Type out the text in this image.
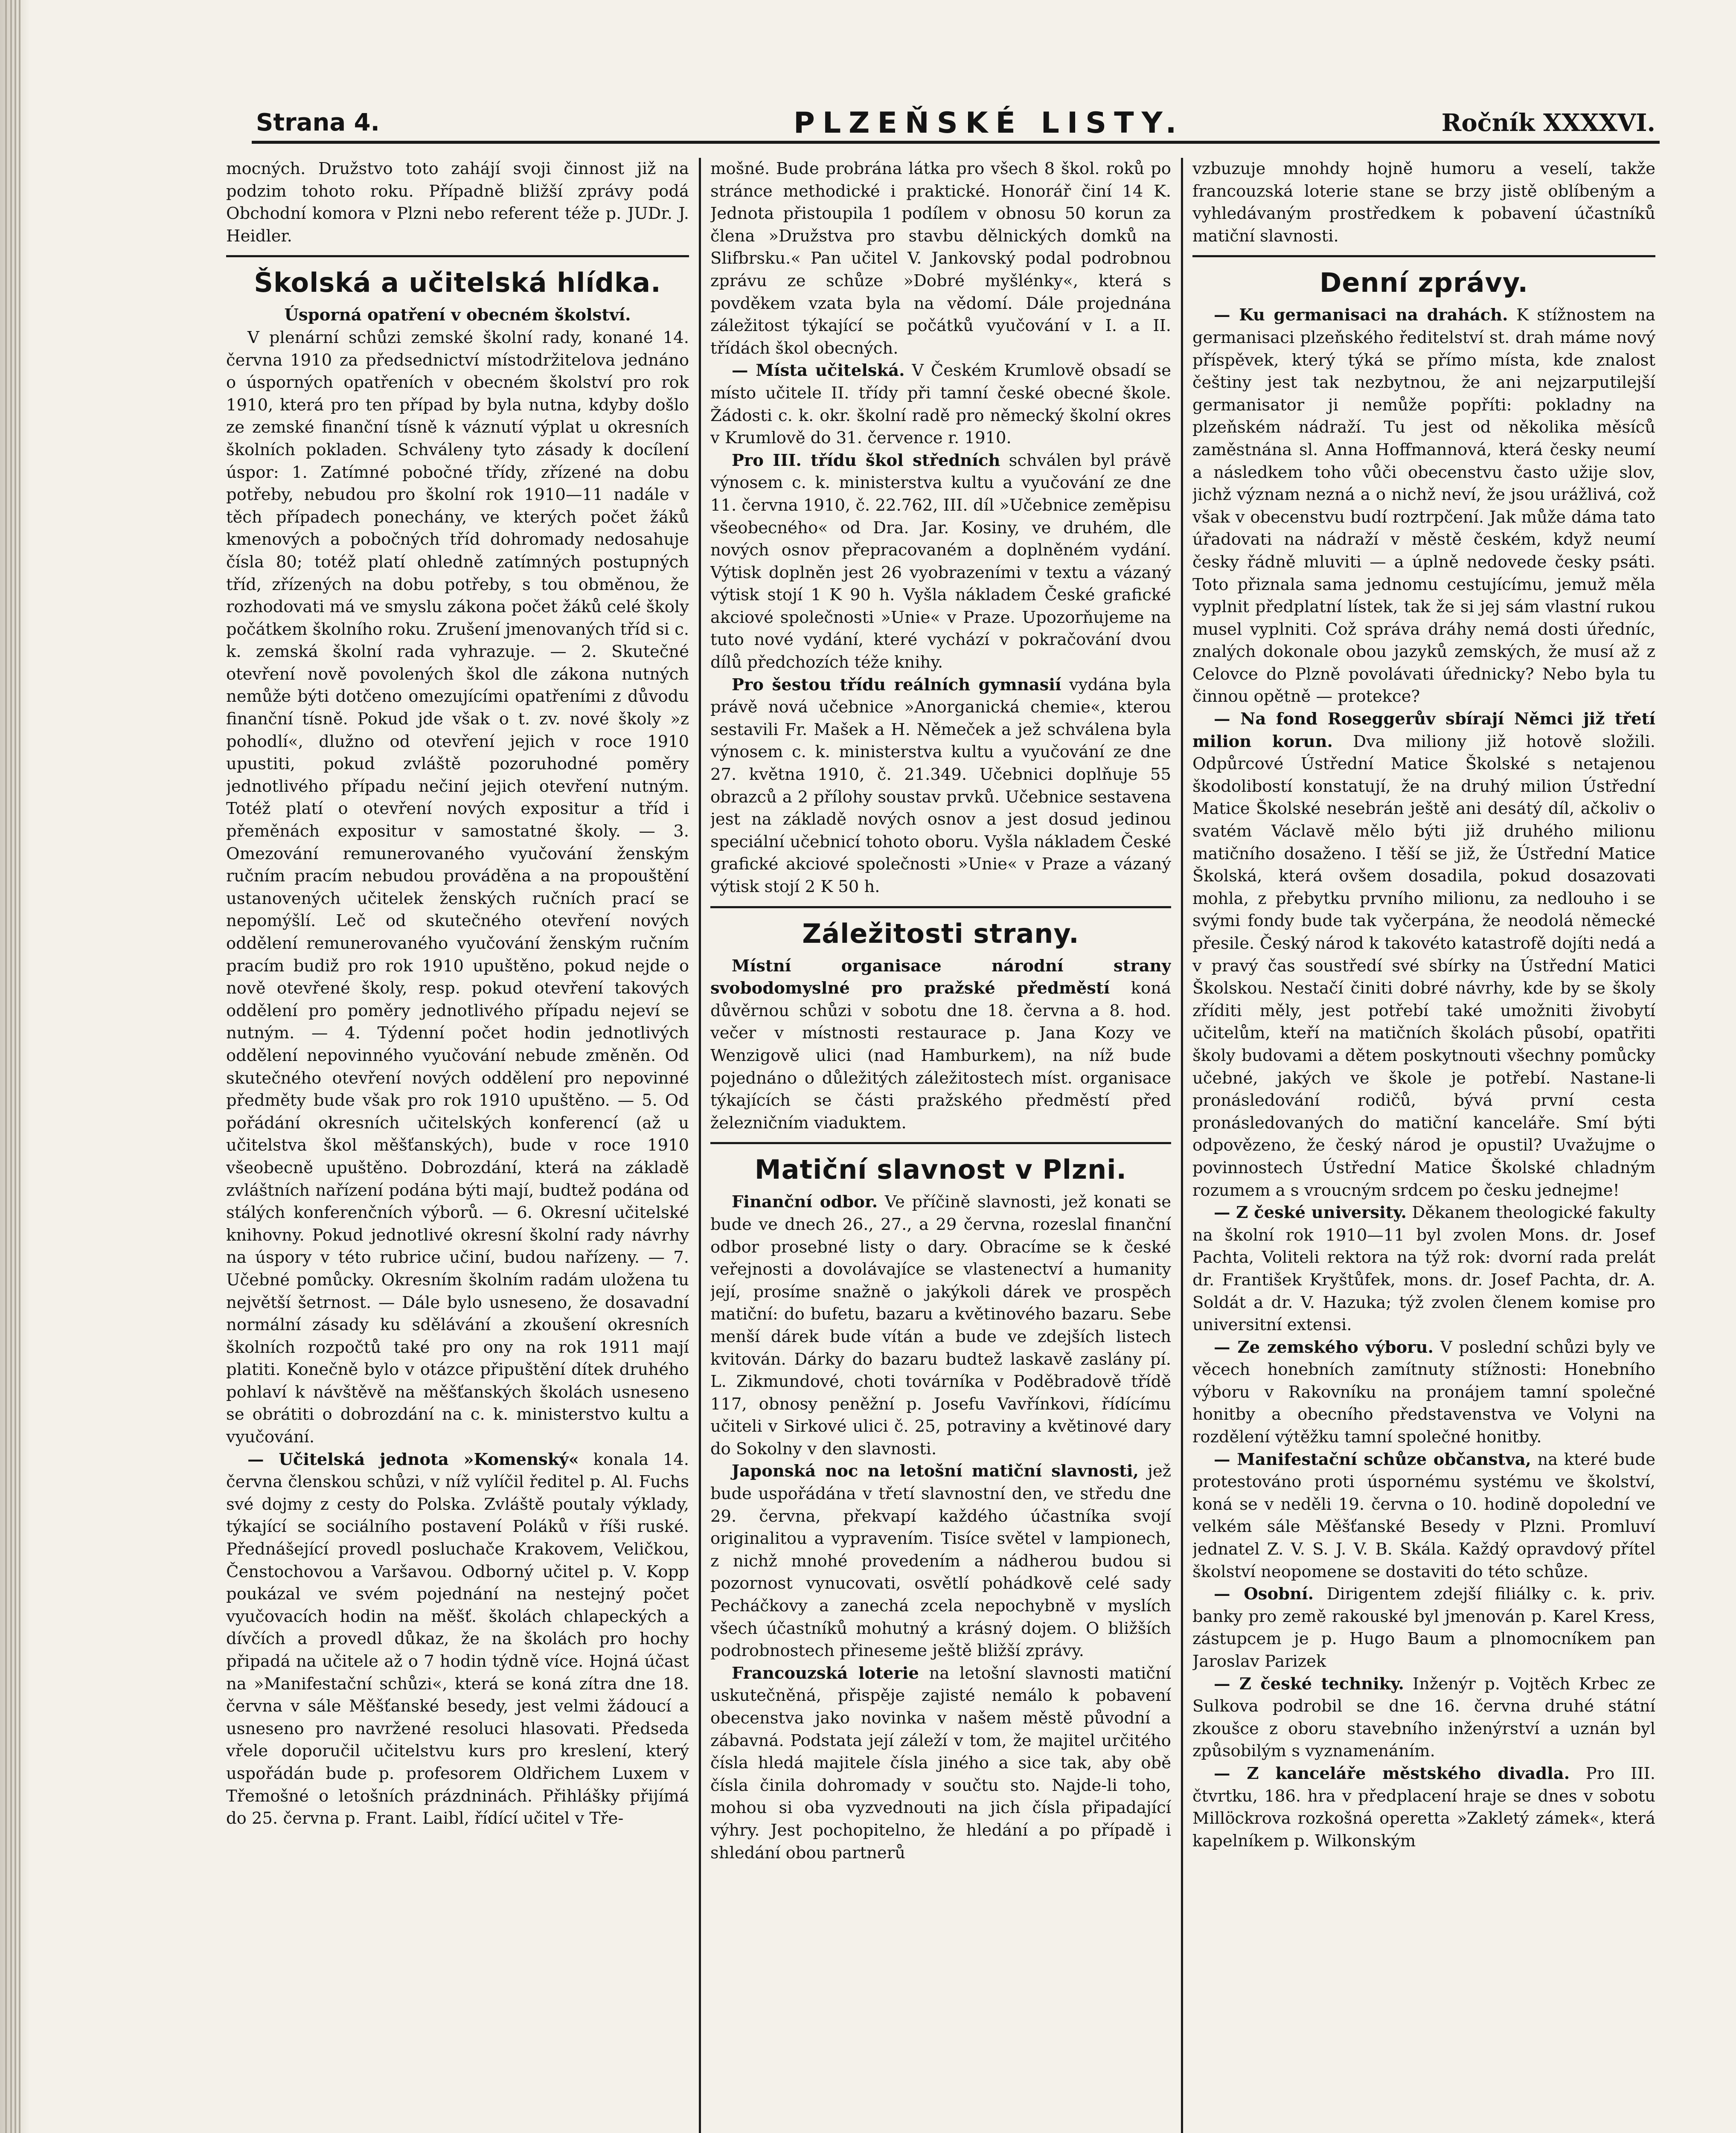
Strana 4.	PLZEŇSKÉ LISTY.	Ročník XXXXVI.

mocných. Družstvo toto zahájí svoji činnost již na podzim tohoto roku. Případně bližší zprávy podá Obchodní komora v Plzni nebo referent téže p. JUDr. J. Heidler.

Školská a učitelská hlídka.

Úsporná opatření v obecném školství.

V plenární schůzi zemské školní rady, konané 14. června 1910 za předsednictví místodržitelova jednáno o úsporných opatřeních v obecném školství pro rok 1910, která pro ten případ by byla nutna, kdyby došlo ze zemské finanční tísně k váznutí výplat u okresních školních pokladen. Schváleny tyto zásady k docílení úspor: 1. Zatímné pobočné třídy, zřízené na dobu potřeby, nebudou pro školní rok 1910—11 nadále v těch případech ponechány, ve kterých počet žáků kmenových a pobočných tříd dohromady nedosahuje čísla 80; totéž platí ohledně zatímných postupných tříd, zřízených na dobu potřeby, s tou obměnou, že rozhodovati má ve smyslu zákona počet žáků celé školy počátkem školního roku. Zrušení jmenovaných tříd si c. k. zemská školní rada vyhrazuje. — 2. Skutečné otevření nově povolených škol dle zákona nutných nemůže býti dotčeno omezujícími opatřeními z důvodu finanční tísně. Pokud jde však o t. zv. nové školy »z pohodlí«, dlužno od otevření jejich v roce 1910 upustiti, pokud zvláště pozoruhodné poměry jednotlivého případu nečiní jejich otevření nutným. Totéž platí o otevření nových expositur a tříd i přeměnách expositur v samostatné školy. — 3. Omezování remunerovaného vyučování ženským ručním pracím nebudou prováděna a na propouštění ustanovených učitelek ženských ručních prací se nepomýšlí. Leč od skutečného otevření nových oddělení remunerovaného vyučování ženským ručním pracím budiž pro rok 1910 upuštěno, pokud nejde o nově otevřené školy, resp. pokud otevření takových oddělení pro poměry jednotlivého případu nejeví se nutným. — 4. Týdenní počet hodin jednotlivých oddělení nepovinného vyučování nebude změněn. Od skutečného otevření nových oddělení pro nepovinné předměty bude však pro rok 1910 upuštěno. — 5. Od pořádání okresních učitelských konferencí (až u učitelstva škol měšťanských), bude v roce 1910 všeobecně upuštěno. Dobrozdání, která na základě zvláštních nařízení podána býti mají, budtež podána od stálých konferenčních výborů. — 6. Okresní učitelské knihovny. Pokud jednotlivé okresní školní rady návrhy na úspory v této rubrice učiní, budou nařízeny. — 7. Učebné pomůcky. Okresním školním radám uložena tu největší šetrnost. — Dále bylo usneseno, že dosavadní normální zásady ku sdělávání a zkoušení okresních školních rozpočtů také pro ony na rok 1911 mají platiti. Konečně bylo v otázce připuštění dítek druhého pohlaví k návštěvě na měšťanských školách usneseno se obrátiti o dobrozdání na c. k. ministerstvo kultu a vyučování.

— Učitelská jednota »Komenský« konala 14. června členskou schůzi, v níž vylíčil ředitel p. Al. Fuchs své dojmy z cesty do Polska. Zvláště poutaly výklady, týkající se sociálního postavení Poláků v říši ruské. Přednášející provedl posluchače Krakovem, Veličkou, Čenstochovou a Varšavou. Odborný učitel p. V. Kopp poukázal ve svém pojednání na nestejný počet vyučovacích hodin na měšť. školách chlapeckých a dívčích a provedl důkaz, že na školách pro hochy připadá na učitele až o 7 hodin týdně více. Hojná účast na »Manifestační schůzi«, která se koná zítra dne 18. června v sále Měšťanské besedy, jest velmi žádoucí a usneseno pro navržené resoluci hlasovati. Předseda vřele doporučil učitelstvu kurs pro kreslení, který uspořádán bude p. profesorem Oldřichem Luxem v Třemošné o letošních prázdninách. Přihlášky přijímá do 25. června p. Frant. Laibl, řídící učitel v Tře-

mošné. Bude probrána látka pro všech 8 škol. roků po stránce methodické i praktické. Honorář činí 14 K. Jednota přistoupila 1 podílem v obnosu 50 korun za člena »Družstva pro stavbu dělnických domků na Slifbrsku.« Pan učitel V. Jankovský podal podrobnou zprávu ze schůze »Dobré myšlénky«, která s povděkem vzata byla na vědomí. Dále projednána záležitost týkající se počátků vyučování v I. a II. třídách škol obecných.

— Místa učitelská. V Českém Krumlově obsadí se místo učitele II. třídy při tamní české obecné škole. Žádosti c. k. okr. školní radě pro německý školní okres v Krumlově do 31. července r. 1910.

Pro III. třídu škol středních schválen byl právě výnosem c. k. ministerstva kultu a vyučování ze dne 11. června 1910, č. 22.762, III. díl »Učebnice zeměpisu všeobecného« od Dra. Jar. Kosiny, ve druhém, dle nových osnov přepracovaném a doplněném vydání. Výtisk doplněn jest 26 vyobrazeními v textu a vázaný výtisk stojí 1 K 90 h. Vyšla nákladem České grafické akciové společnosti »Unie« v Praze. Upozorňujeme na tuto nové vydání, které vychází v pokračování dvou dílů předchozích téže knihy.

Pro šestou třídu reálních gymnasií vydána byla právě nová učebnice »Anorganická chemie«, kterou sestavili Fr. Mašek a H. Němeček a jež schválena byla výnosem c. k. ministerstva kultu a vyučování ze dne 27. května 1910, č. 21.349. Učebnici doplňuje 55 obrazců a 2 přílohy soustav prvků. Učebnice sestavena jest na základě nových osnov a jest dosud jedinou speciální učebnicí tohoto oboru. Vyšla nákladem České grafické akciové společnosti »Unie« v Praze a vázaný výtisk stojí 2 K 50 h.

Záležitosti strany.

Místní organisace národní strany svobodomyslné pro pražské předměstí koná důvěrnou schůzi v sobotu dne 18. června a 8. hod. večer v místnosti restaurace p. Jana Kozy ve Wenzigově ulici (nad Hamburkem), na níž bude pojednáno o důležitých záležitostech míst. organisace týkajících se části pražského předměstí před železničním viaduktem.

Matiční slavnost v Plzni.

Finanční odbor. Ve příčině slavnosti, jež konati se bude ve dnech 26., 27., a 29 června, rozeslal finanční odbor prosebné listy o dary. Obracíme se k české veřejnosti a dovolávajíce se vlastenectví a humanity její, prosíme snažně o jakýkoli dárek ve prospěch matiční: do bufetu, bazaru a květinového bazaru. Sebe menší dárek bude vítán a bude ve zdejších listech kvitován. Dárky do bazaru budtež laskavě zaslány pí. L. Zikmundové, choti továrníka v Poděbradově třídě 117, obnosy peněžní p. Josefu Vavřínkovi, řídícímu učiteli v Sirkové ulici č. 25, potraviny a květinové dary do Sokolny v den slavnosti.

Japonská noc na letošní matiční slavnosti, jež bude uspořádána v třetí slavnostní den, ve středu dne 29. června, překvapí každého účastníka svojí originalitou a vypravením. Tisíce světel v lampionech, z nichž mnohé provedením a nádherou budou si pozornost vynucovati, osvětlí pohádkově celé sady Pecháčkovy a zanechá zcela nepochybně v myslích všech účastníků mohutný a krásný dojem. O bližších podrobnostech přineseme ještě bližší zprávy.

Francouzská loterie na letošní slavnosti matiční uskutečněná, přispěje zajisté nemálo k pobavení obecenstva jako novinka v našem městě původní a zábavná. Podstata její záleží v tom, že majitel určitého čísla hledá majitele čísla jiného a sice tak, aby obě čísla činila dohromady v součtu sto. Najde-li toho, mohou si oba vyzvednouti na jich čísla připadající výhry. Jest pochopitelno, že hledání a po případě i shledání obou partnerů

vzbuzuje mnohdy hojně humoru a veselí, takže francouzská loterie stane se brzy jistě oblíbeným a vyhledávaným prostředkem k pobavení účastníků matiční slavnosti.

Denní zprávy.

— Ku germanisaci na drahách. K stížnostem na germanisaci plzeňského ředitelství st. drah máme nový příspěvek, který týká se přímo místa, kde znalost češtiny jest tak nezbytnou, že ani nejzarputilejší germanisator ji nemůže popříti: pokladny na plzeňském nádraží. Tu jest od několika měsíců zaměstnána sl. Anna Hoffmannová, která česky neumí a následkem toho vůči obecenstvu často užije slov, jichž význam nezná a o nichž neví, že jsou urážlivá, což však v obecenstvu budí roztrpčení. Jak může dáma tato úřadovati na nádraží v městě českém, když neumí česky řádně mluviti — a úplně nedovede česky psáti. Toto přiznala sama jednomu cestujícímu, jemuž měla vyplnit předplatní lístek, tak že si jej sám vlastní rukou musel vyplniti. Což správa dráhy nemá dosti úředníc, znalých dokonale obou jazyků zemských, že musí až z Celovce do Plzně povolávati úřednicky? Nebo byla tu činnou opětně — protekce?

— Na fond Roseggerův sbírají Němci již třetí milion korun. Dva miliony již hotově složili. Odpůrcové Ústřední Matice Školské s netajenou škodolibostí konstatují, že na druhý milion Ústřední Matice Školské nesebrán ještě ani desátý díl, ačkoliv o svatém Václavě mělo býti již druhého milionu matičního dosaženo. I těší se již, že Ústřední Matice Školská, která ovšem dosadila, pokud dosazovati mohla, z přebytku prvního milionu, za nedlouho i se svými fondy bude tak vyčerpána, že neodolá německé přesile. Český národ k takovéto katastrofě dojíti nedá a v pravý čas soustředí své sbírky na Ústřední Matici Školskou. Nestačí činiti dobré návrhy, kde by se školy zříditi měly, jest potřebí také umožniti živobytí učitelům, kteří na matičních školách působí, opatřiti školy budovami a dětem poskytnouti všechny pomůcky učebné, jakých ve škole je potřebí. Nastane-li pronásledování rodičů, bývá první cesta pronásledovaných do matiční kanceláře. Smí býti odpovězeno, že český národ je opustil? Uvažujme o povinnostech Ústřední Matice Školské chladným rozumem a s vroucným srdcem po česku jednejme!

— Z české university. Děkanem theologické fakulty na školní rok 1910—11 byl zvolen Mons. dr. Josef Pachta, Voliteli rektora na týž rok: dvorní rada prelát dr. František Kryštůfek, mons. dr. Josef Pachta, dr. A. Soldát a dr. V. Hazuka; týž zvolen členem komise pro universitní extensi.

— Ze zemského výboru. V poslední schůzi byly ve věcech honebních zamítnuty stížnosti: Honebního výboru v Rakovníku na pronájem tamní společné honitby a obecního představenstva ve Volyni na rozdělení výtěžku tamní společné honitby.

— Manifestační schůze občanstva, na které bude protestováno proti úspornému systému ve školství, koná se v neděli 19. června o 10. hodině dopolední ve velkém sále Měšťanské Besedy v Plzni. Promluví jednatel Z. V. S. J. V. B. Skála. Každý opravdový přítel školství neopomene se dostaviti do této schůze.

— Osobní. Dirigentem zdejší filiálky c. k. priv. banky pro země rakouské byl jmenován p. Karel Kress, zástupcem je p. Hugo Baum a plnomocníkem pan Jaroslav Parizek

— Z české techniky. Inženýr p. Vojtěch Krbec ze Sulkova podrobil se dne 16. června druhé státní zkoušce z oboru stavebního inženýrství a uznán byl způsobilým s vyznamenáním.

— Z kanceláře městského divadla. Pro III. čtvrtku, 186. hra v předplacení hraje se dnes v sobotu Millöckrova rozkošná operetta »Zakletý zámek«, která kapelníkem p. Wilkonským
